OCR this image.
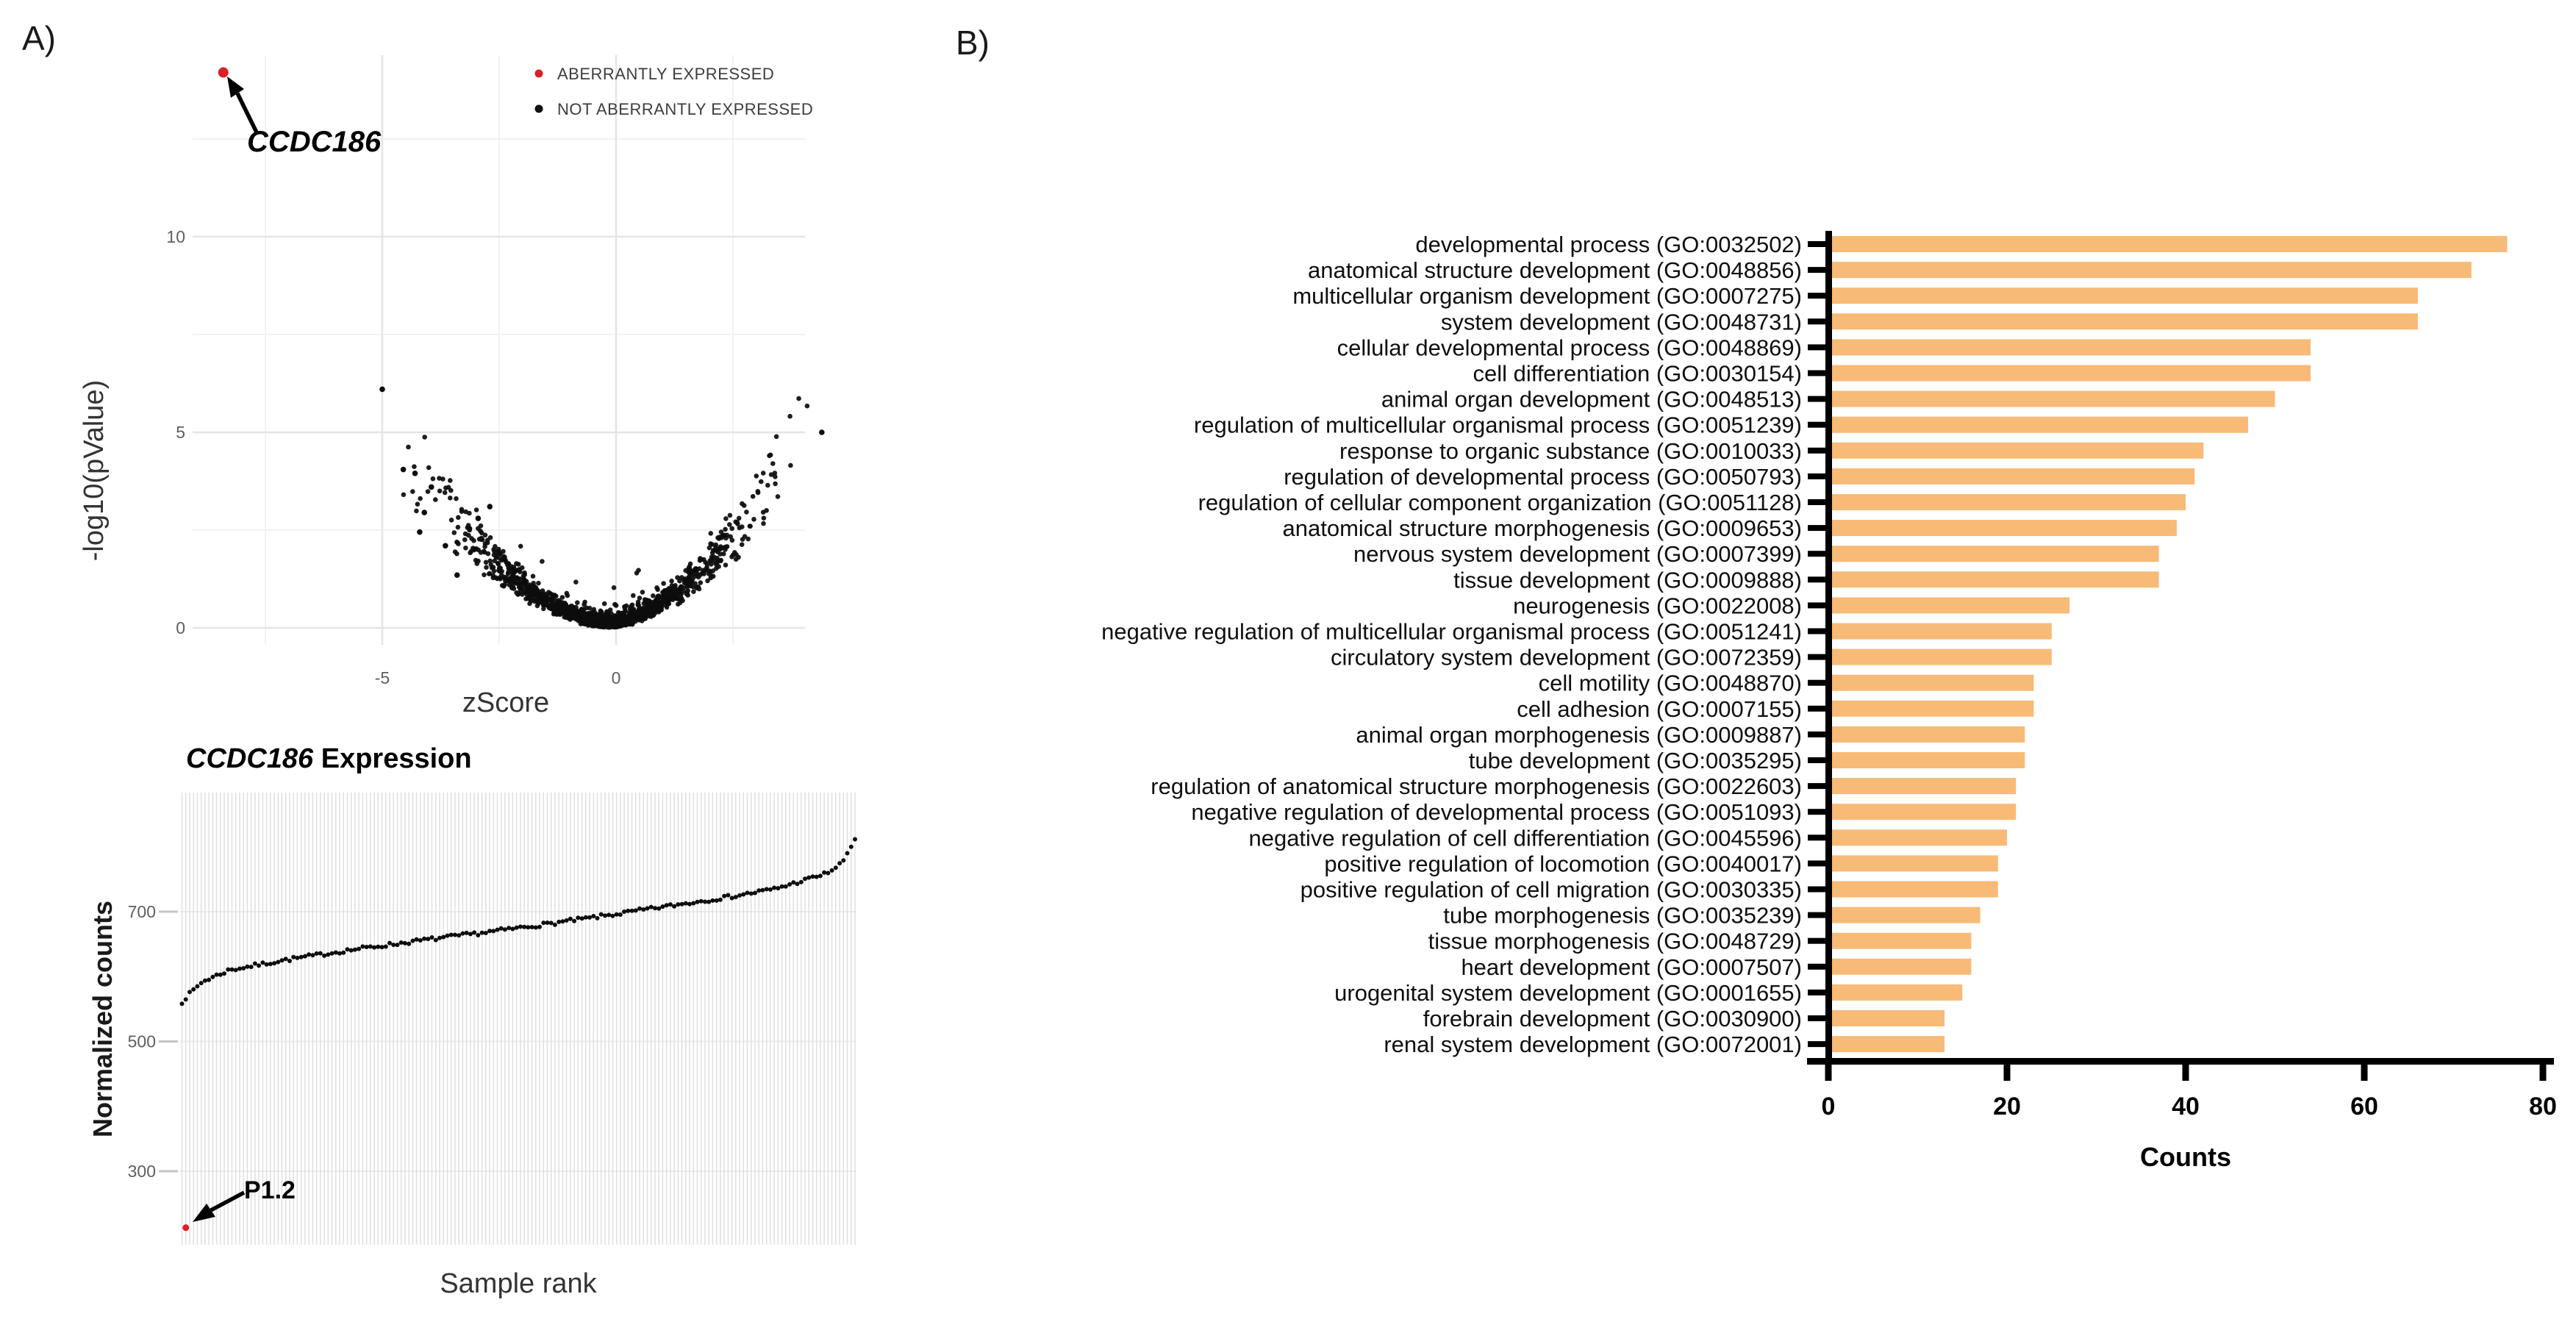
A)
0
5
10
-5	0
-log10(pValue)
zScore
CCDC186
ABERRANTLY EXPRESSED
NOT ABERRANTLY EXPRESSED
CCDC186 Expression
300
500
700
Normalized counts
Sample rank
P1.2
B)
developmental process (GO:0032502)
anatomical structure development (GO:0048856)
multicellular organism development (GO:0007275)
system development (GO:0048731)
cellular developmental process (GO:0048869)
cell differentiation (GO:0030154)
animal organ development (GO:0048513)
regulation of multicellular organismal process (GO:0051239)
response to organic substance (GO:0010033)
regulation of developmental process (GO:0050793)
regulation of cellular component organization (GO:0051128)
anatomical structure morphogenesis (GO:0009653)
nervous system development (GO:0007399)
tissue development (GO:0009888)
neurogenesis (GO:0022008)
negative regulation of multicellular organismal process (GO:0051241)
circulatory system development (GO:0072359)
cell motility (GO:0048870)
cell adhesion (GO:0007155)
animal organ morphogenesis (GO:0009887)
tube development (GO:0035295)
regulation of anatomical structure morphogenesis (GO:0022603)
negative regulation of developmental process (GO:0051093)
negative regulation of cell differentiation (GO:0045596)
positive regulation of locomotion (GO:0040017)
positive regulation of cell migration (GO:0030335)
tube morphogenesis (GO:0035239)
tissue morphogenesis (GO:0048729)
heart development (GO:0007507)
urogenital system development (GO:0001655)
forebrain development (GO:0030900)
renal system development (GO:0072001)
0	20	40	60	80
Counts
